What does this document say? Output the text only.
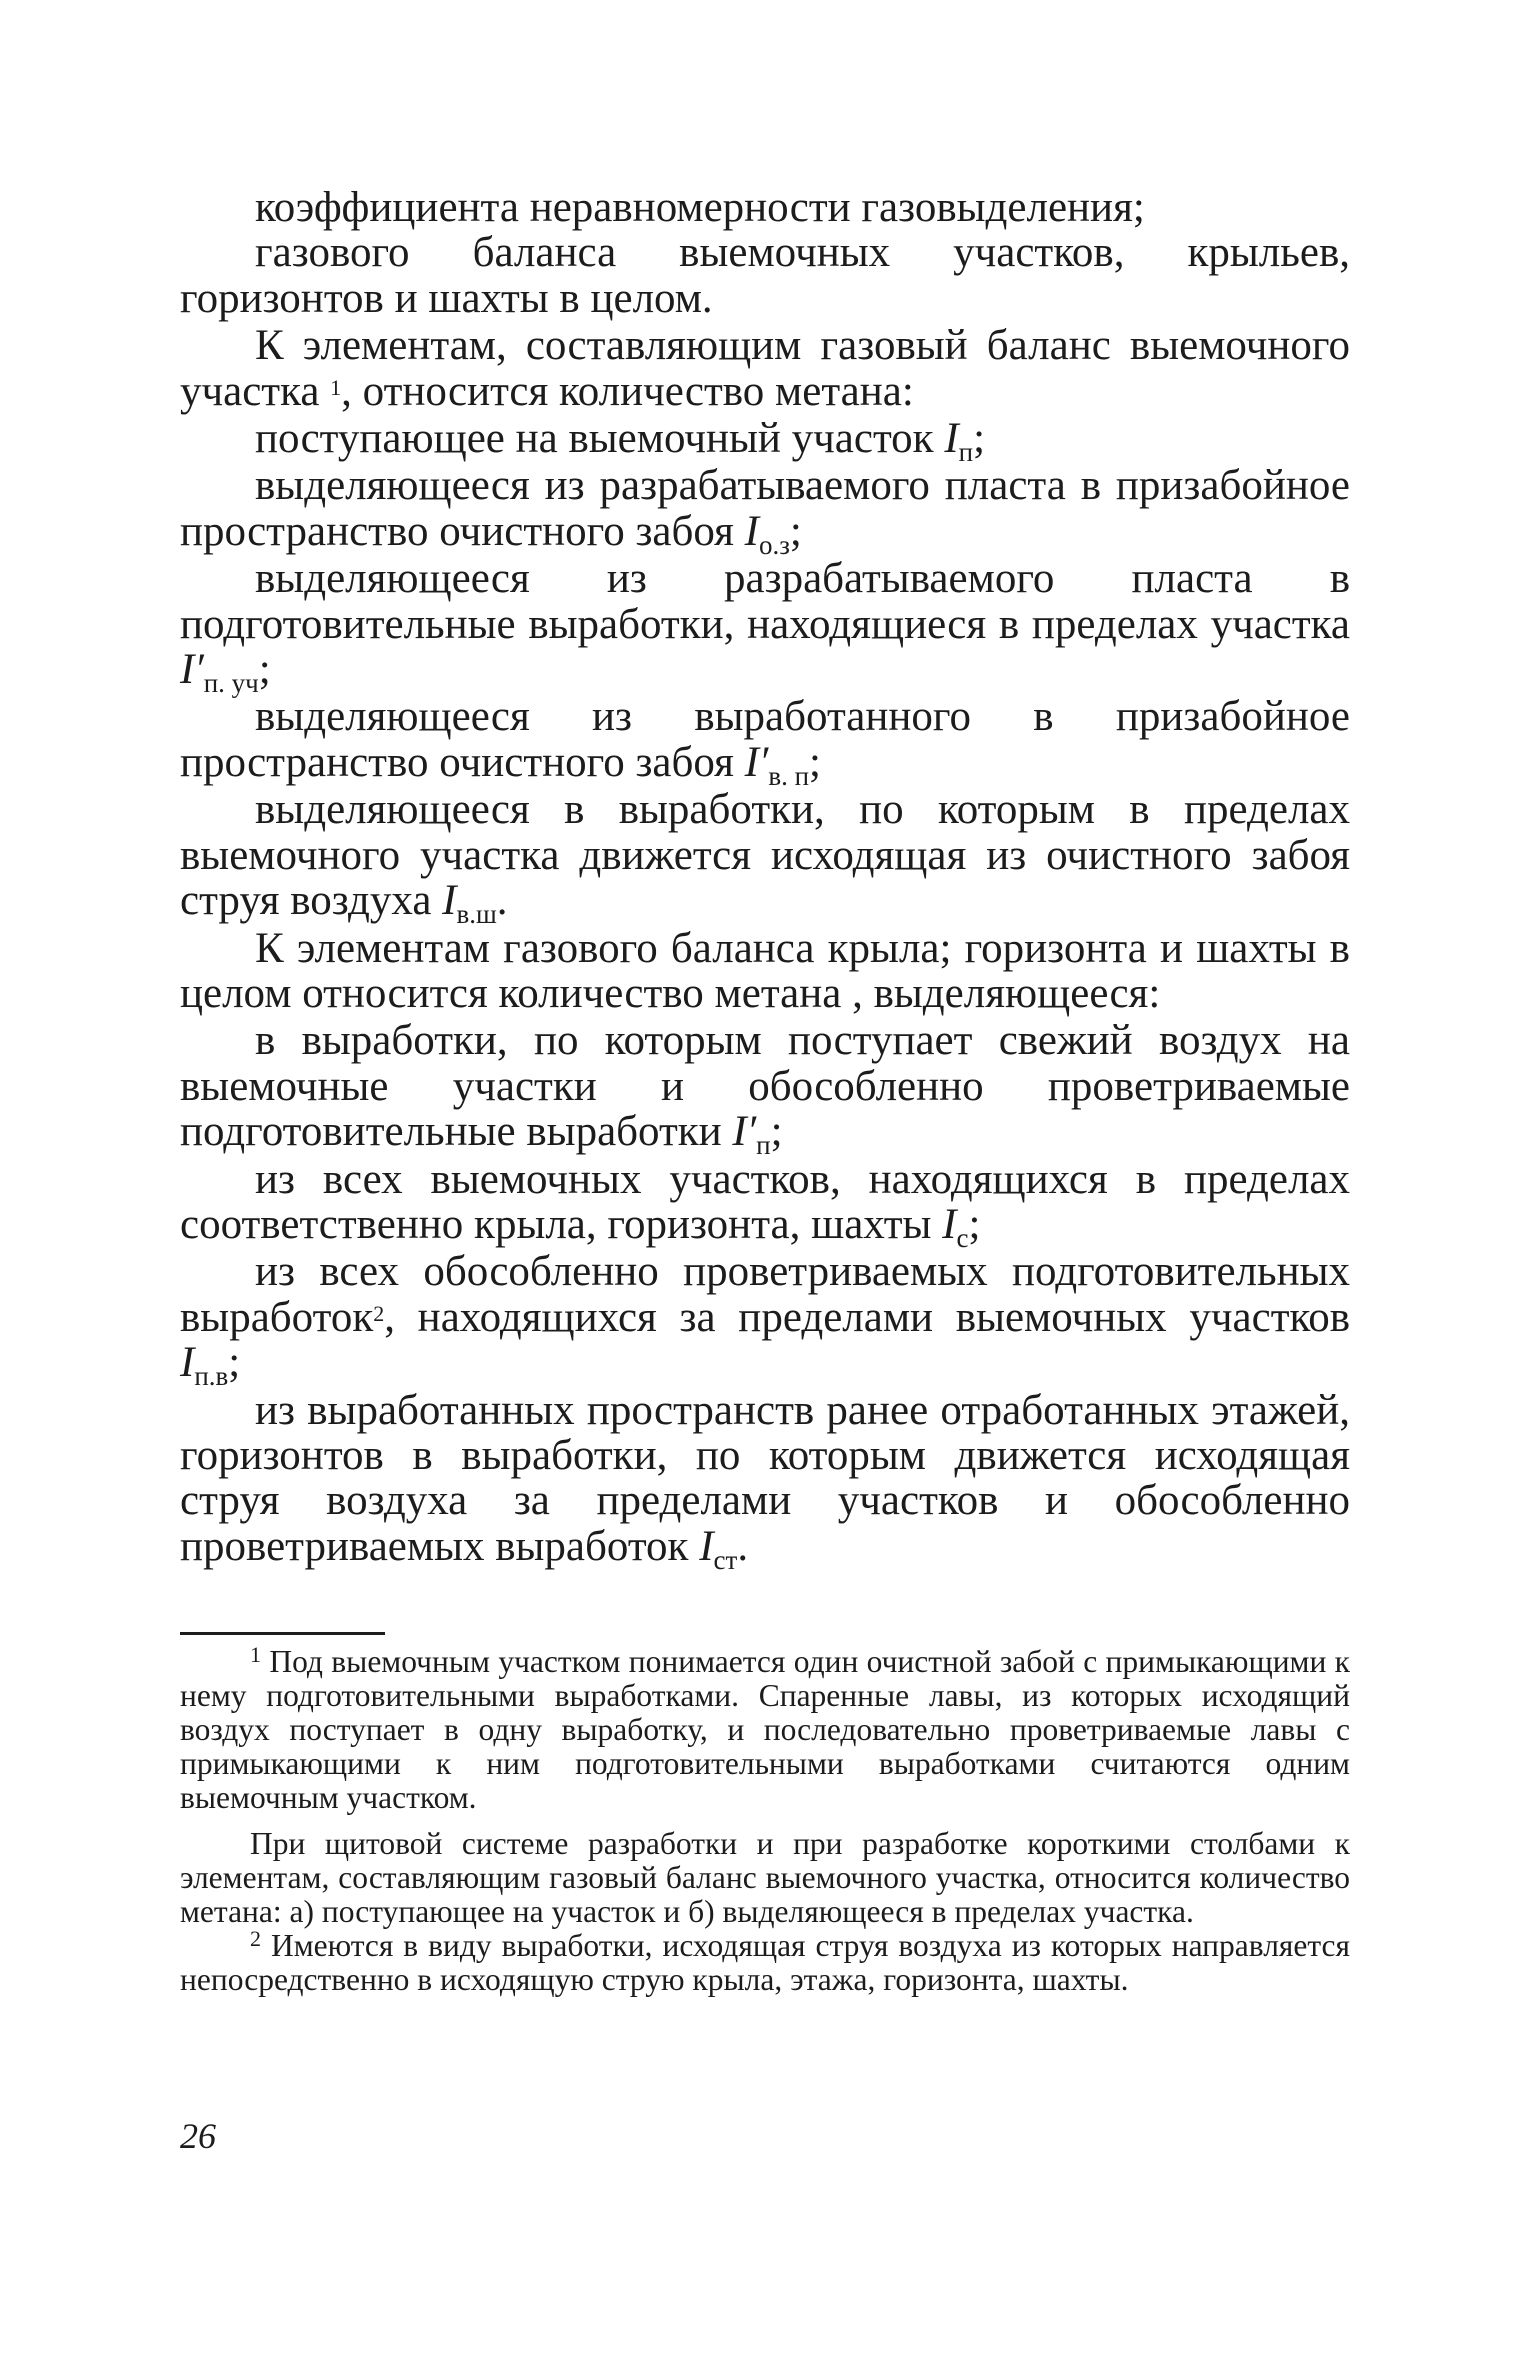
коэффициента неравномерности газовыделения;

газового баланса выемочных участков, крыльев, горизонтов и шахты в целом.

К элементам, составляющим газовый баланс выемочного участка $^1$, относится количество метана:

поступающее на выемочный участок $I_п$;

выделяющееся из разрабатываемого пласта в призабойное пространство очистного забоя $I_{о.з}$;

выделяющееся из разрабатываемого пласта в подготовительные выработки, находящиеся в пределах участка $I'_{п. уч}$;

выделяющееся из выработанного в призабойное пространство очистного забоя $I'_{в. п}$;

выделяющееся в выработки, по которым в пределах выемочного участка движется исходящая из очистного забоя струя воздуха $I_{в.ш}$.

К элементам газового баланса крыла; горизонта и шахты в целом относится количество метана , выделяющееся:

в выработки, по которым поступает свежий воздух на выемочные участки и обособленно проветриваемые подготовительные выработки $I'_п$;

из всех выемочных участков, находящихся в пределах соответственно крыла, горизонта, шахты $I_с$;

из всех обособленно проветриваемых подготовительных выработок$^2$, находящихся за пределами выемочных участков $I_{п.в}$;

из выработанных пространств ранее отработанных этажей, горизонтов в выработки, по которым движется исходящая струя воздуха за пределами участков и обособленно проветриваемых выработок $I_{ст}$.

$^1$ Под выемочным участком понимается один очистной забой с примыкающими к нему подготовительными выработками. Спаренные лавы, из которых исходящий воздух поступает в одну выработку, и последовательно проветриваемые лавы с примыкающими к ним подготовительными выработками считаются одним выемочным участком.

При щитовой системе разработки и при разработке короткими столбами к элементам, составляющим газовый баланс выемочного участка, относится количество метана: а) поступающее на участок и б) выделяющееся в пределах участка.

$^2$ Имеются в виду выработки, исходящая струя воздуха из которых направляется непосредственно в исходящую струю крыла, этажа, горизонта, шахты.

26
